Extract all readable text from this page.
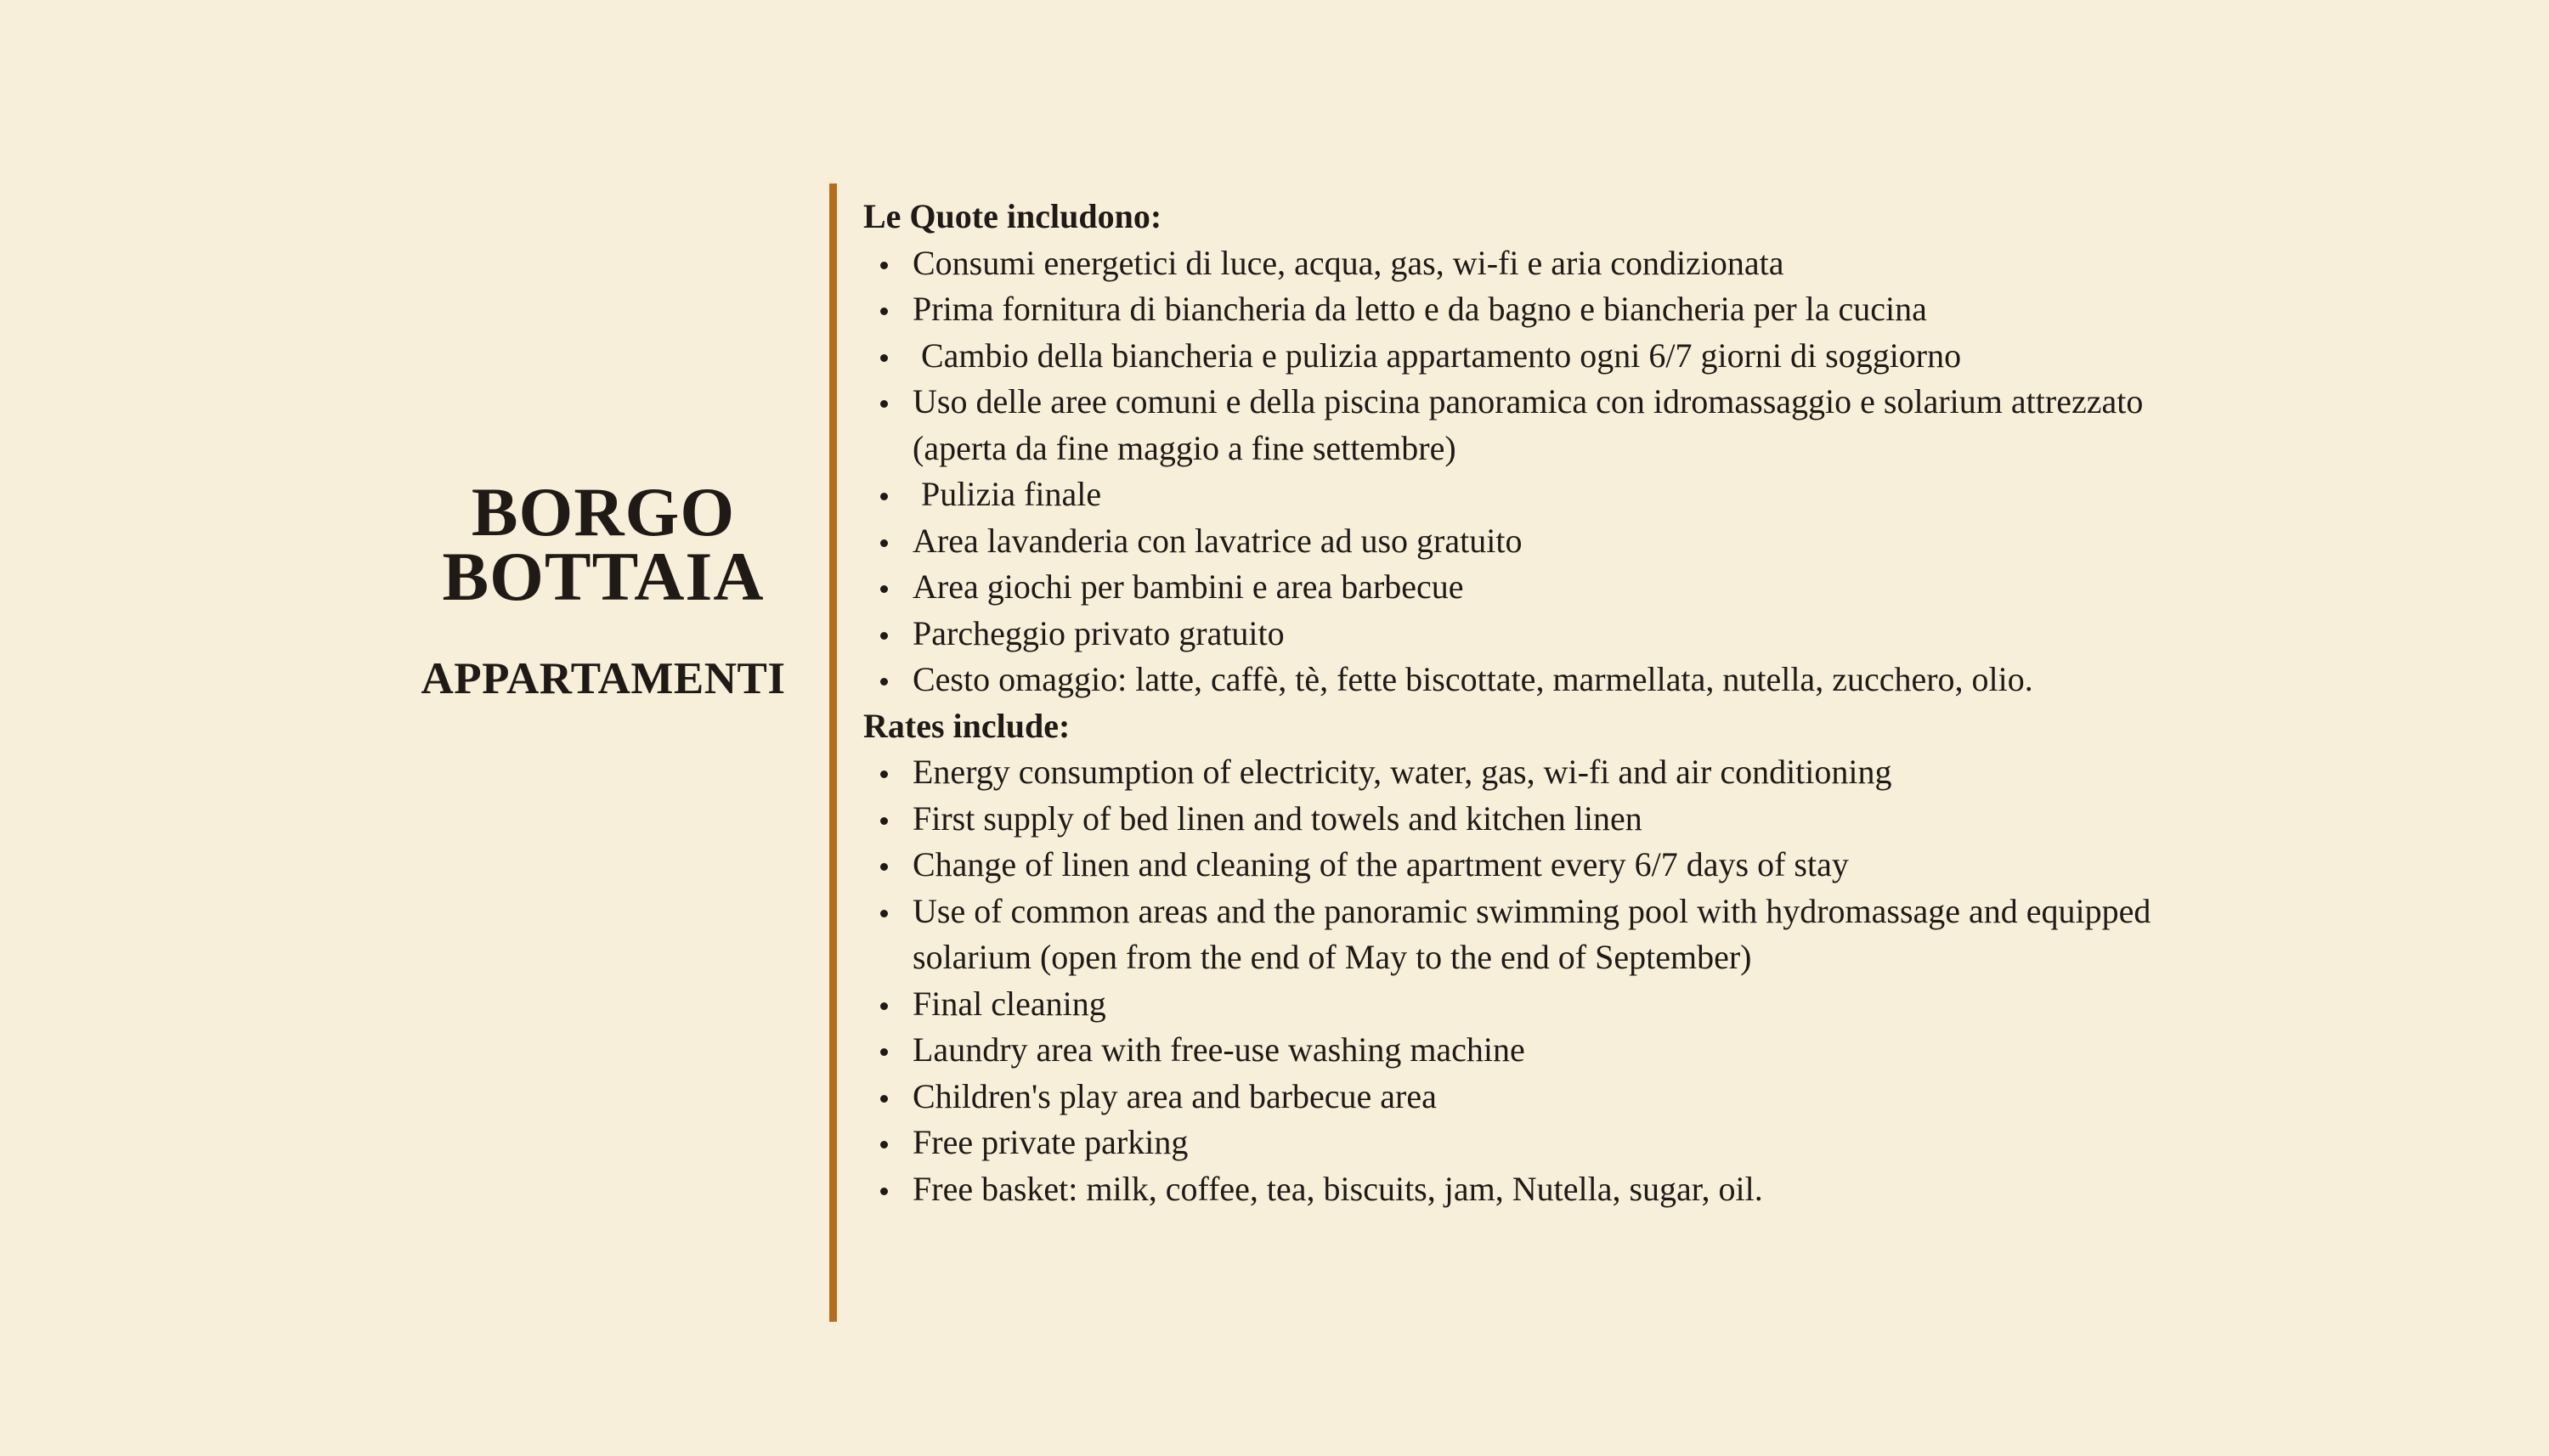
BORGO
BOTTAIA
APPARTAMENTI
Le Quote includono:
Consumi energetici di luce, acqua, gas, wi-fi e aria condizionata
Prima fornitura di biancheria da letto e da bagno e biancheria per la cucina
Cambio della biancheria e pulizia appartamento ogni 6/7 giorni di soggiorno
Uso delle aree comuni e della piscina panoramica con idromassaggio e solarium attrezzato (aperta da fine maggio a fine settembre)
Pulizia finale
Area lavanderia con lavatrice ad uso gratuito
Area giochi per bambini e area barbecue
Parcheggio privato gratuito
Cesto omaggio: latte, caffè, tè, fette biscottate, marmellata, nutella, zucchero, olio.
Rates include:
Energy consumption of electricity, water, gas, wi-fi and air conditioning
First supply of bed linen and towels and kitchen linen
Change of linen and cleaning of the apartment every 6/7 days of stay
Use of common areas and the panoramic swimming pool with hydromassage and equipped solarium (open from the end of May to the end of September)
Final cleaning
Laundry area with free-use washing machine
Children's play area and barbecue area
Free private parking
Free basket: milk, coffee, tea, biscuits, jam, Nutella, sugar, oil.
